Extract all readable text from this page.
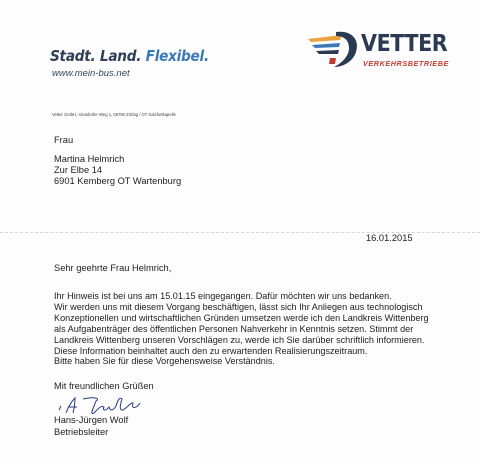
Stadt. Land. Flexibel.
www.mein-bus.net
VETTER
VERKEHRSBETRIEBE
Vetter GmbH, Hinsdorfer Weg 1, 06780 Zörbig / OT Salzfurtkapelle
Frau
Martina Helmrich
Zur Elbe 14
6901 Kemberg OT Wartenburg
16.01.2015
Sehr geehrte Frau Helmrich,
Ihr Hinweis ist bei uns am 15.01.15 eingegangen. Dafür möchten wir uns bedanken.
Wir werden uns mit diesem Vorgang beschäftigen, lässt sich Ihr Anliegen aus technologisch
Konzeptionellen und wirtschaftlichen Gründen umsetzen werde ich den Landkreis Wittenberg
als Aufgabenträger des öffentlichen Personen Nahverkehr in Kenntnis setzen. Stimmt der
Landkreis Wittenberg unseren Vorschlägen zu, werde ich Sie darüber schriftlich informieren.
Diese Information beinhaltet auch den zu erwartenden Realisierungszeitraum.
Bitte haben Sie für diese Vorgehensweise Verständnis.
Mit freundlichen Grüßen
Hans-Jürgen Wolf
Betriebsleiter
